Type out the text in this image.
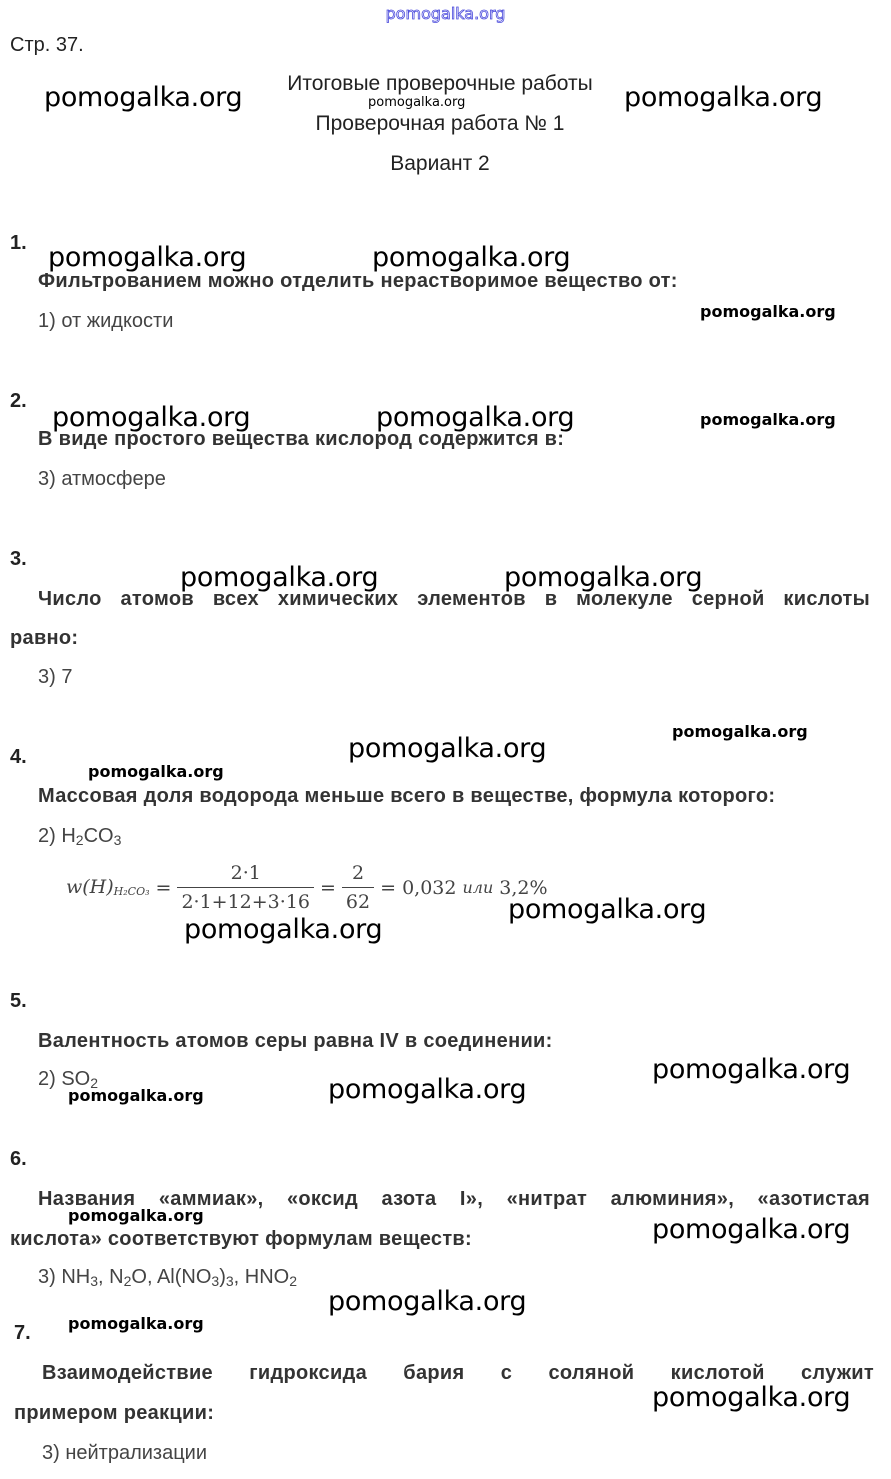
pomogalka.org
Стр. 37.
Итоговые проверочные работы
Проверочная работа № 1
Вариант 2
1.
Фильтрованием можно отделить нерастворимое вещество от:
1) от жидкости
2.
В виде простого вещества кислород содержится в:
3) атмосфере
3.
Число атомов всех химических элементов в молекуле серной кислоты
равно:
3) 7
4.
Массовая доля водорода меньше всего в веществе, формула которого:
2) $H_2CO_3$
$w(H)_{H_2CO_3} = \frac{2\cdot 1}{2\cdot 1+12+3\cdot 16} = \frac{2}{62} = 0,032$ или 3,2%
5.
Валентность атомов серы равна IV в соединении:
2) $SO_2$
6.
Названия «аммиак», «оксид азота I», «нитрат алюминия», «азотистая
кислота» соответствуют формулам веществ:
3) $NH_3$, $N_2O$, $Al(NO_3)_3$, $HNO_2$
7.
Взаимодействие гидроксида бария с соляной кислотой служит
примером реакции:
3) нейтрализации
pomogalka.org	pomogalka.org
pomogalka.org
pomogalka.org	pomogalka.org
pomogalka.org
pomogalka.org	pomogalka.org	pomogalka.org
pomogalka.org	pomogalka.org
pomogalka.org
pomogalka.org
pomogalka.org
pomogalka.org
pomogalka.org
pomogalka.org
pomogalka.org
pomogalka.org
pomogalka.org	pomogalka.org
pomogalka.org
pomogalka.org
pomogalka.org
